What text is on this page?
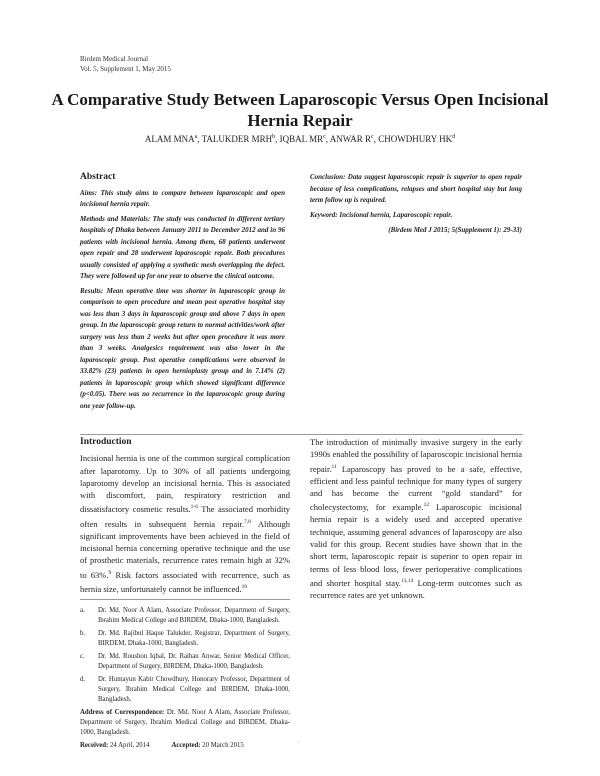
Birdem Medical Journal
Vol. 5, Supplement 1, May 2015
A Comparative Study Between Laparoscopic Versus Open Incisional Hernia Repair
ALAM MNA$^a$, TALUKDER MRH$^b$, IQBAL $MR^c$, ANWAR $R^c$, CHOWDHURY $HK^d$
Abstract

Aims: This study aims to compare between laparoscopic and open incisional hernia repair.

Methods and Materials: The study was conducted in different tertiary hospitals of Dhaka between January 2011 to December 2012 and in 96 patients with incisional hernia. Among them, 68 patients underwent open repair and 28 underwent laparoscopic repair. Both procedures usually consisted of applying a synthetic mesh overlapping the defect. They were followed up for one year to observe the clinical outcome.

Results: Mean operative time was shorter in laparoscopic group in comparison to open procedure and mean post operative hospital stay was less than 3 days in laparoscopic group and above 7 days in open group. In the laparoscopic group return to normal activities/work after surgery was less than 2 weeks but after open procedure it was more than 3 weeks. Analgesics requirement was also lower in the laparoscopic group. Post operative complications were observed in 33.82% (23) patients in open hernioplasty group and in 7.14% (2) patients in laparoscopic group which showed significant difference (p<0.05). There was no recurrence in the laparoscopic group during one year follow-up.

Conclusion: Data suggest laparoscopic repair is superior to open repair because of less complications, relapses and short hospital stay but long term follow up is required.

Keyword: Incisional hernia, Laparoscopic repair.

(Birdem Med J 2015; 5(Supplement 1): 29-33)
Introduction

Incisional hernia is one of the common surgical complication after laparotomy. Up to 30% of all patients undergoing laparotomy develop an incisional hernia. This is associated with discomfort, pain, respiratory restriction and dissatisfactory cosmetic results.$^{1-6}$ The associated morbidity often results in subsequent hernia repair.$^{7,8}$ Although significant improvements have been achieved in the field of incisional hernia concerning operative technique and the use of prosthetic materials, recurrence rates remain high at 32% to 63%.$^9$ Risk factors associated with recurrence, such as hernia size, unfortunately cannot be influenced.$^{10}$

a.	Dr. Md. Noor A Alam, Associate Professor, Department of Surgery, Ibrahim Medical College and BIRDEM, Dhaka-1000, Bangladesh.
b.	Dr. Md. Rajibul Haque Talukder, Registrar, Department of Surgery, BIRDEM, Dhaka-1000, Bangladesh.
c.	Dr. Md. Roushon Iqbal, Dr. Raihan Anwar, Senior Medical Officer, Department of Surgery, BIRDEM, Dhaka-1000, Bangladesh.
d.	Dr. Humayun Kabir Chowdhury, Honorary Professor, Department of Surgery, Ibrahim Medical College and BIRDEM, Dhaka-1000, Bangladesh.
Address of Correspondence: Dr. Md. Noor A Alam, Associate Professor, Department of Surgery, Ibrahim Medical College and BIRDEM, Dhaka-1000, Bangladesh.
Received: 24 April, 2014	Accepted: 20 March 2015

The introduction of minimally invasive surgery in the early 1990s enabled the possibility of laparoscopic incisional hernia repair.$^{11}$ Laparoscopy has proved to be a safe, effective, efficient and less painful technique for many types of surgery and has become the current “gold standard” for cholecystectomy, for example.$^{12}$ Laparoscopic incisional hernia repair is a widely used and accepted operative technique, assuming general advances of laparoscopy are also valid for this group. Recent studies have shown that in the short term, laparoscopic repair is superior to open repair in terms of less blood loss, fewer perioperative complications and shorter hospital stay.$^{13,14}$ Long-term outcomes such as recurrence rates are yet unknown.

.
